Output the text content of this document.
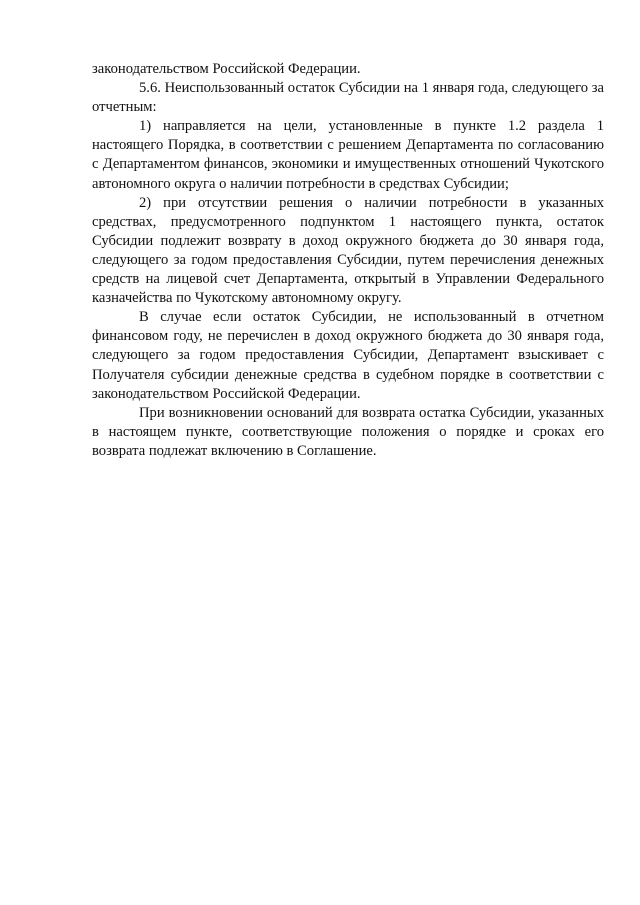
законодательством Российской Федерации.

5.6. Неиспользованный остаток Субсидии на 1 января года, следующего за отчетным:

1) направляется на цели, установленные в пункте 1.2 раздела 1 настоящего Порядка, в соответствии с решением Департамента по согласованию с Департаментом финансов, экономики и имущественных отношений Чукотского автономного округа о наличии потребности в средствах Субсидии;

2) при отсутствии решения о наличии потребности в указанных средствах, предусмотренного подпунктом 1 настоящего пункта, остаток Субсидии подлежит возврату в доход окружного бюджета до 30 января года, следующего за годом предоставления Субсидии, путем перечисления денежных средств на лицевой счет Департамента, открытый в Управлении Федерального казначейства по Чукотскому автономному округу.

В случае если остаток Субсидии, не использованный в отчетном финансовом году, не перечислен в доход окружного бюджета до 30 января года, следующего за годом предоставления Субсидии, Департамент взыскивает с Получателя субсидии денежные средства в судебном порядке в соответствии с законодательством Российской Федерации.

При возникновении оснований для возврата остатка Субсидии, указанных в настоящем пункте, соответствующие положения о порядке и сроках его возврата подлежат включению в Соглашение.
